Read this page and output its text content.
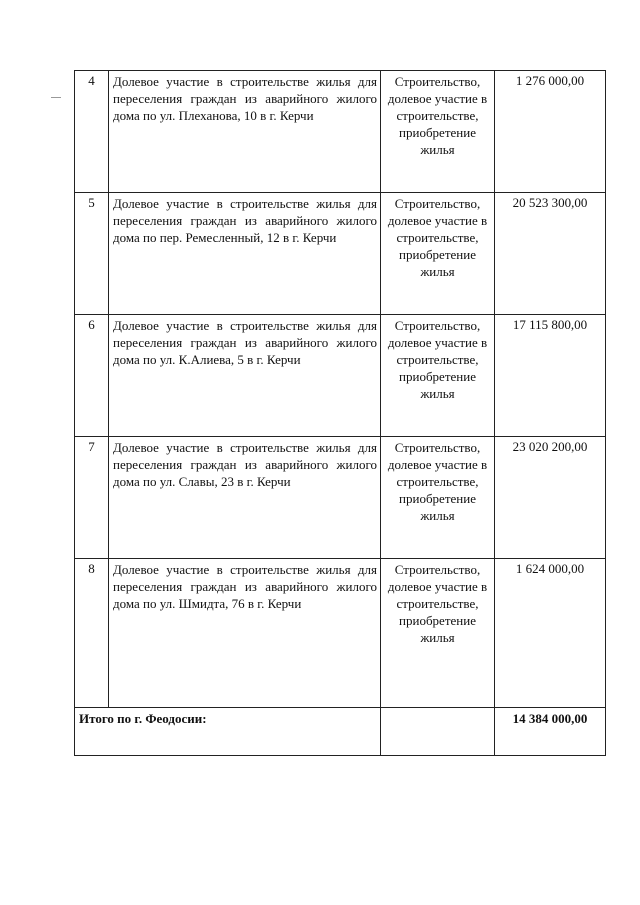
4	Долевое участие в строительстве жилья для переселения граждан из аварийного жилого дома по ул. Плеханова, 10 в г. Керчи	Строительство, долевое участие в строительстве, приобретение жилья	1 276 000,00
5	Долевое участие в строительстве жилья для переселения граждан из аварийного жилого дома по пер. Ремесленный, 12 в г. Керчи	Строительство, долевое участие в строительстве, приобретение жилья	20 523 300,00
6	Долевое участие в строительстве жилья для переселения граждан из аварийного жилого дома по ул. К.Алиева, 5 в г. Керчи	Строительство, долевое участие в строительстве, приобретение жилья	17 115 800,00
7	Долевое участие в строительстве жилья для переселения граждан из аварийного жилого дома по ул. Славы, 23 в г. Керчи	Строительство, долевое участие в строительстве, приобретение жилья	23 020 200,00
8	Долевое участие в строительстве жилья для переселения граждан из аварийного жилого дома по ул. Шмидта, 76 в г. Керчи	Строительство, долевое участие в строительстве, приобретение жилья	1 624 000,00
Итого по г. Феодосии:			14 384 000,00
